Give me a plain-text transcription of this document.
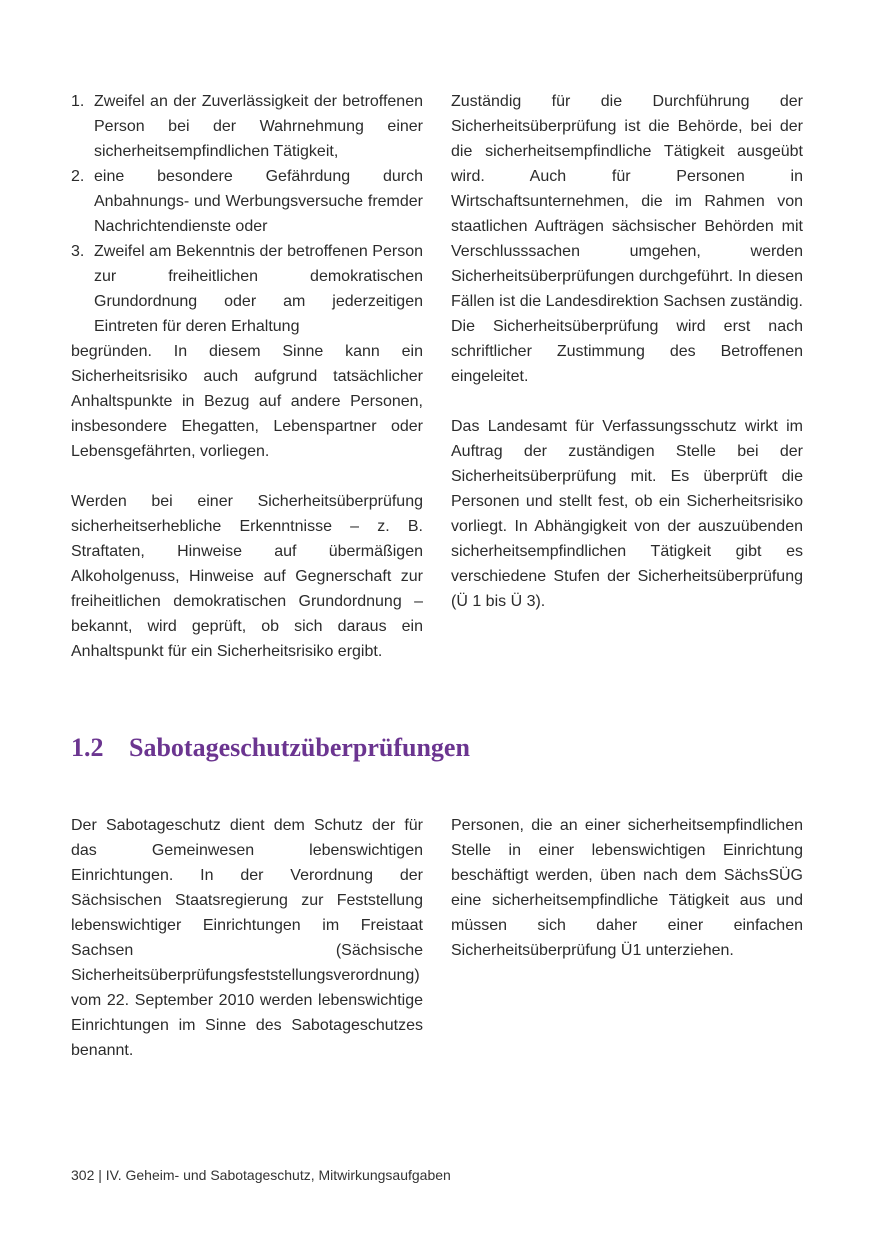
1. Zweifel an der Zuverlässigkeit der betroffenen Person bei der Wahrnehmung einer sicherheitsempfindlichen Tätigkeit,
2. eine besondere Gefährdung durch Anbahnungs- und Werbungsversuche fremder Nachrichtendienste oder
3. Zweifel am Bekenntnis der betroffenen Person zur freiheitlichen demokratischen Grundordnung oder am jederzeitigen Eintreten für deren Erhaltung

begründen. In diesem Sinne kann ein Sicherheitsrisiko auch aufgrund tatsächlicher Anhaltspunkte in Bezug auf andere Personen, insbesondere Ehegatten, Lebenspartner oder Lebensgefährten, vorliegen.

Werden bei einer Sicherheitsüberprüfung sicherheitserhebliche Erkenntnisse – z. B. Straftaten, Hinweise auf übermäßigen Alkoholgenuss, Hinweise auf Gegnerschaft zur freiheitlichen demokratischen Grundordnung – bekannt, wird geprüft, ob sich daraus ein Anhaltspunkt für ein Sicherheitsrisiko ergibt.

Zuständig für die Durchführung der Sicherheitsüberprüfung ist die Behörde, bei der die sicherheitsempfindliche Tätigkeit ausgeübt wird. Auch für Personen in Wirtschaftsunternehmen, die im Rahmen von staatlichen Aufträgen sächsischer Behörden mit Verschlusssachen umgehen, werden Sicherheitsüberprüfungen durchgeführt. In diesen Fällen ist die Landesdirektion Sachsen zuständig. Die Sicherheitsüberprüfung wird erst nach schriftlicher Zustimmung des Betroffenen eingeleitet.

Das Landesamt für Verfassungsschutz wirkt im Auftrag der zuständigen Stelle bei der Sicherheitsüberprüfung mit. Es überprüft die Personen und stellt fest, ob ein Sicherheitsrisiko vorliegt. In Abhängigkeit von der auszuübenden sicherheitsempfindlichen Tätigkeit gibt es verschiedene Stufen der Sicherheitsüberprüfung (Ü 1 bis Ü 3).

1.2 Sabotageschutzüberprüfungen

Der Sabotageschutz dient dem Schutz der für das Gemeinwesen lebenswichtigen Einrichtungen. In der Verordnung der Sächsischen Staatsregierung zur Feststellung lebenswichtiger Einrichtungen im Freistaat Sachsen (Sächsische Sicherheitsüberprüfungsfeststellungsverordnung) vom 22. September 2010 werden lebenswichtige Einrichtungen im Sinne des Sabotageschutzes benannt.

Personen, die an einer sicherheitsempfindlichen Stelle in einer lebenswichtigen Einrichtung beschäftigt werden, üben nach dem SächsSÜG eine sicherheitsempfindliche Tätigkeit aus und müssen sich daher einer einfachen Sicherheitsüberprüfung Ü1 unterziehen.

302 | IV. Geheim- und Sabotageschutz, Mitwirkungsaufgaben
